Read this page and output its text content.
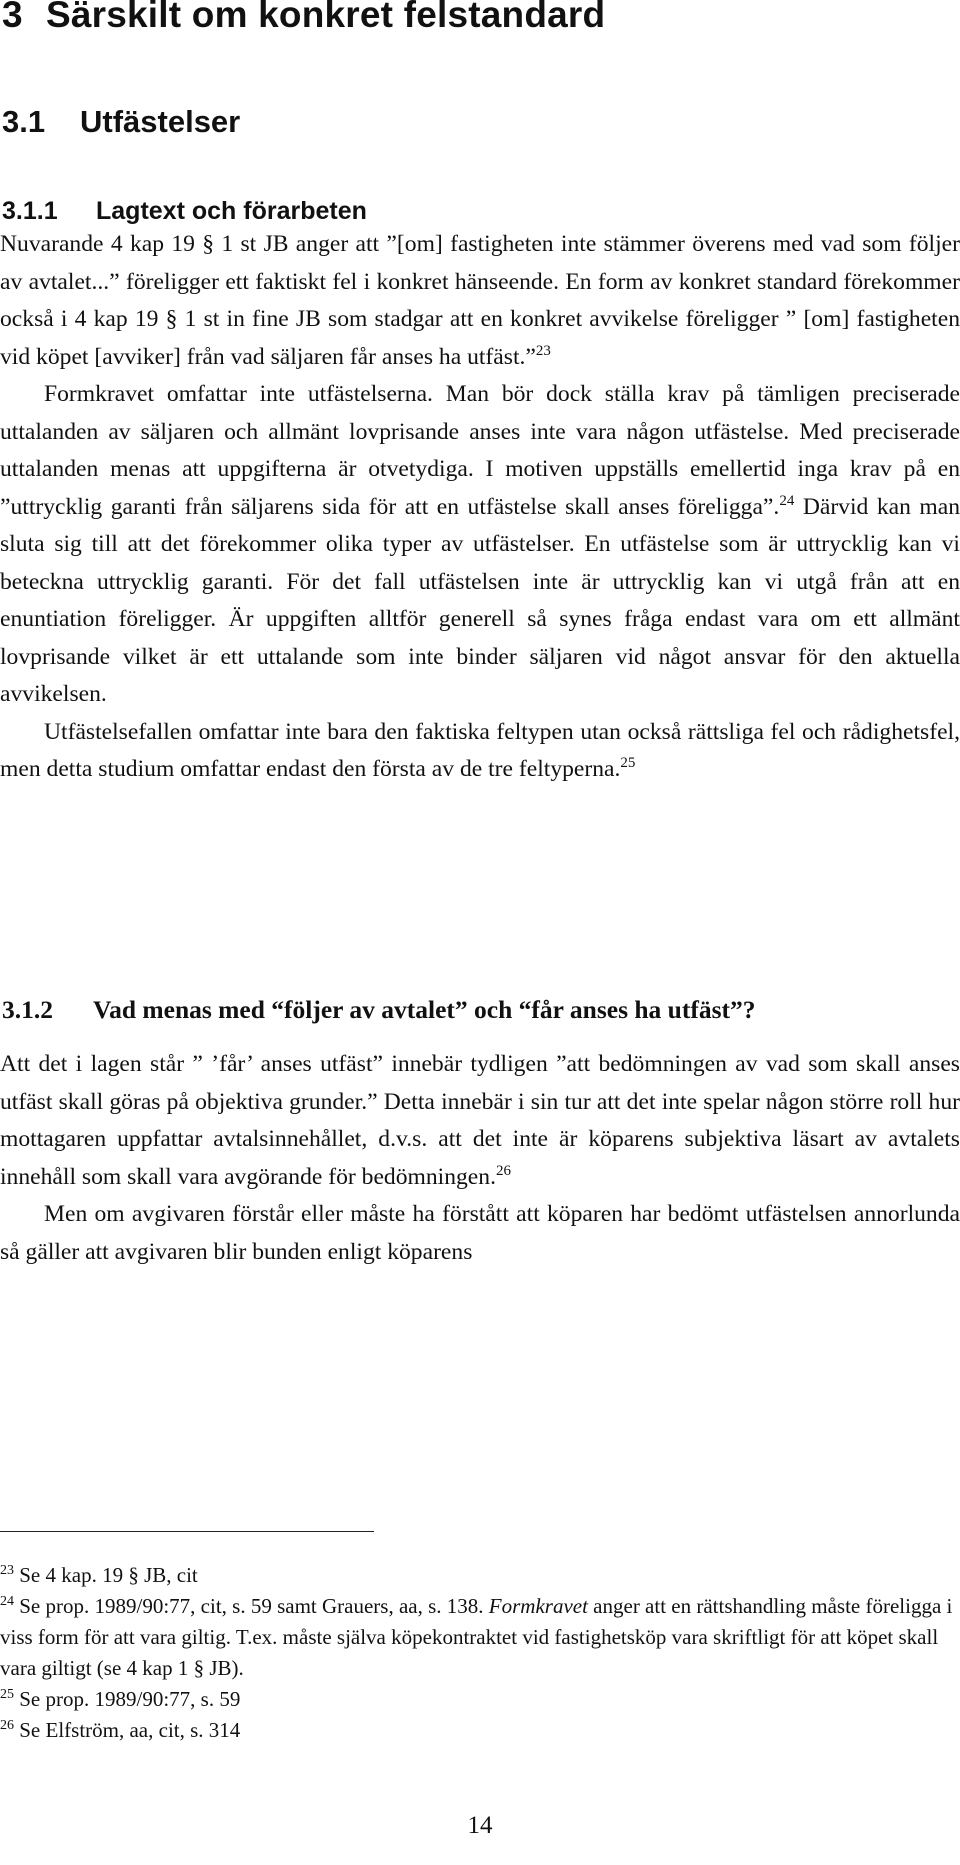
3 Särskilt om konkret felstandard
3.1 Utfästelser
3.1.1 Lagtext och förarbeten

Nuvarande 4 kap 19 § 1 st JB anger att ”[om] fastigheten inte stämmer överens med vad som följer av avtalet...” föreligger ett faktiskt fel i konkret hänseende. En form av konkret standard förekommer också i 4 kap 19 § 1 st in fine JB som stadgar att en konkret avvikelse föreligger ” [om] fastigheten vid köpet [avviker] från vad säljaren får anses ha utfäst.”$^{23}$

Formkravet omfattar inte utfästelserna. Man bör dock ställa krav på tämligen preciserade uttalanden av säljaren och allmänt lovprisande anses inte vara någon utfästelse. Med preciserade uttalanden menas att uppgifterna är otvetydiga. I motiven uppställs emellertid inga krav på en ”uttrycklig garanti från säljarens sida för att en utfästelse skall anses föreligga”.$^{24}$ Därvid kan man sluta sig till att det förekommer olika typer av utfästelser. En utfästelse som är uttrycklig kan vi beteckna uttrycklig garanti. För det fall utfästelsen inte är uttrycklig kan vi utgå från att en enuntiation föreligger. Är uppgiften alltför generell så synes fråga endast vara om ett allmänt lovprisande vilket är ett uttalande som inte binder säljaren vid något ansvar för den aktuella avvikelsen.

Utfästelsefallen omfattar inte bara den faktiska feltypen utan också rättsliga fel och rådighetsfel, men detta studium omfattar endast den första av de tre feltyperna.$^{25}$

3.1.2 Vad menas med “följer av avtalet” och “får anses ha utfäst”?

Att det i lagen står ” ’får’ anses utfäst” innebär tydligen ”att bedömningen av vad som skall anses utfäst skall göras på objektiva grunder.” Detta innebär i sin tur att det inte spelar någon större roll hur mottagaren uppfattar avtalsinnehållet, d.v.s. att det inte är köparens subjektiva läsart av avtalets innehåll som skall vara avgörande för bedömningen.$^{26}$

Men om avgivaren förstår eller måste ha förstått att köparen har bedömt utfästelsen annorlunda så gäller att avgivaren blir bunden enligt köparens

$^{23}$ Se 4 kap. 19 § JB, cit

$^{24}$ Se prop. 1989/90:77, cit, s. 59 samt Grauers, aa, s. 138. Formkravet anger att en rättshandling måste föreligga i viss form för att vara giltig. T.ex. måste själva köpekontraktet vid fastighetsköp vara skriftligt för att köpet skall vara giltigt (se 4 kap 1 § JB).

$^{25}$ Se prop. 1989/90:77, s. 59

$^{26}$ Se Elfström, aa, cit, s. 314

14
